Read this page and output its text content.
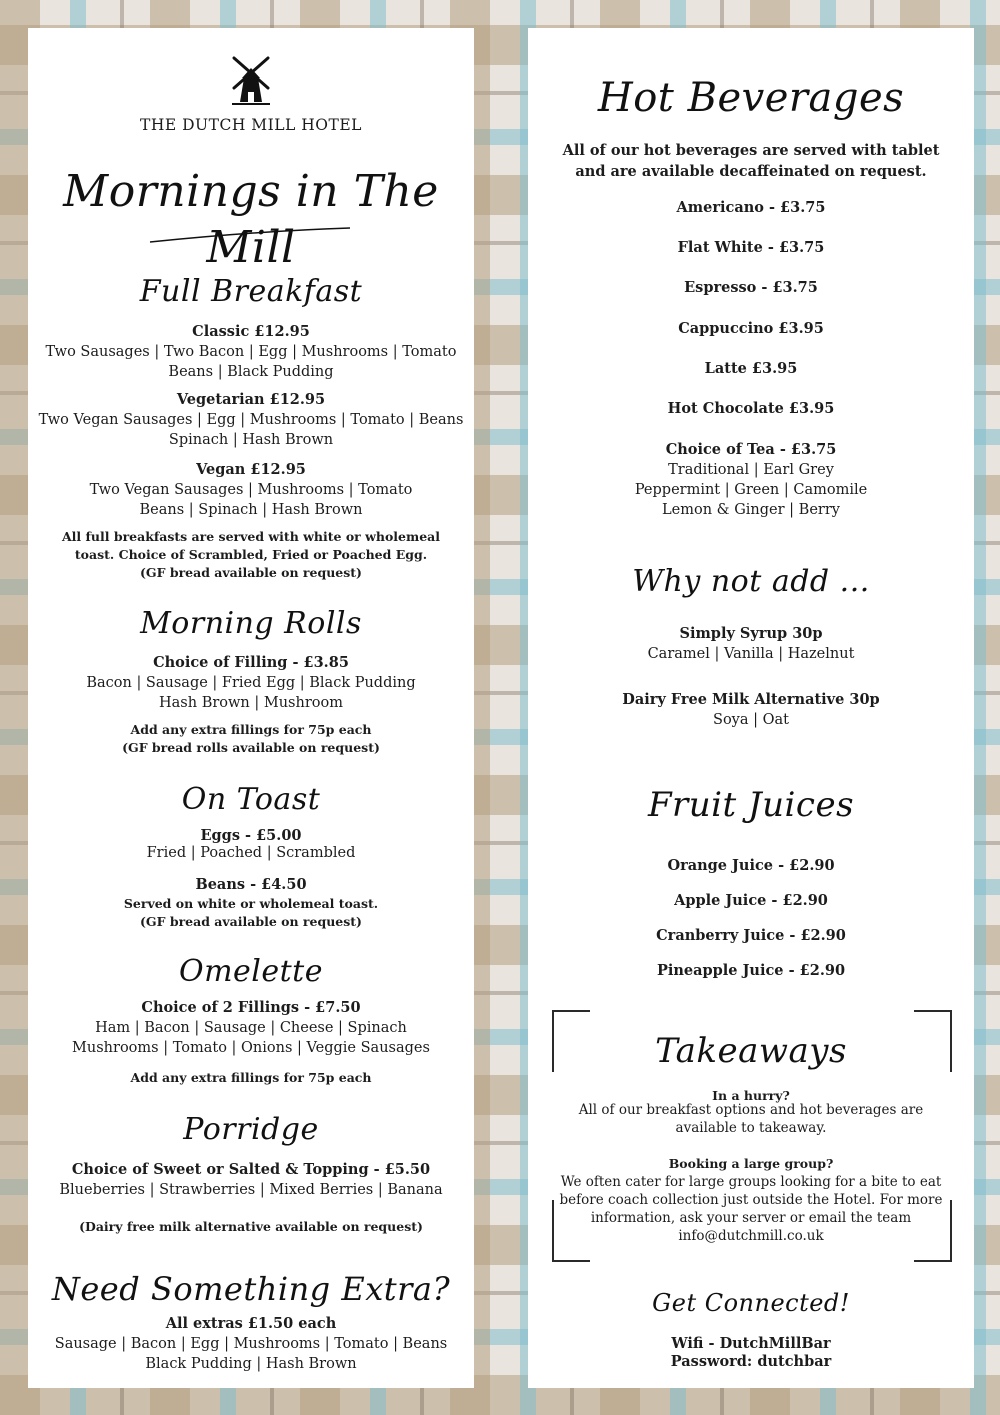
THE DUTCH MILL HOTEL
Mornings in The Mill
Full Breakfast
Classic £12.95
Two Sausages | Two Bacon | Egg | Mushrooms | Tomato
Beans | Black Pudding
Vegetarian £12.95
Two Vegan Sausages | Egg | Mushrooms | Tomato | Beans
Spinach | Hash Brown
Vegan £12.95
Two Vegan Sausages | Mushrooms | Tomato
Beans | Spinach | Hash Brown
All full breakfasts are served with white or wholemeal
toast. Choice of Scrambled, Fried or Poached Egg.
(GF bread available on request)
Morning Rolls
Choice of Filling - £3.85
Bacon | Sausage | Fried Egg | Black Pudding
Hash Brown | Mushroom
Add any extra fillings for 75p each
(GF bread rolls available on request)
On Toast
Eggs - £5.00
Fried | Poached | Scrambled
Beans - £4.50
Served on white or wholemeal toast.
(GF bread available on request)
Omelette
Choice of 2 Fillings - £7.50
Ham | Bacon | Sausage | Cheese | Spinach
Mushrooms | Tomato | Onions | Veggie Sausages
Add any extra fillings for 75p each
Porridge
Choice of Sweet or Salted & Topping - £5.50
Blueberries | Strawberries | Mixed Berries | Banana
(Dairy free milk alternative available on request)
Need Something Extra?
All extras £1.50 each
Sausage | Bacon | Egg | Mushrooms | Tomato | Beans
Black Pudding | Hash Brown
Hot Beverages
All of our hot beverages are served with tablet
and are available decaffeinated on request.
Americano - £3.75
Flat White - £3.75
Espresso - £3.75
Cappuccino £3.95
Latte £3.95
Hot Chocolate £3.95
Choice of Tea - £3.75
Traditional | Earl Grey
Peppermint | Green | Camomile
Lemon & Ginger | Berry
Why not add ...
Simply Syrup 30p
Caramel | Vanilla | Hazelnut
Dairy Free Milk Alternative 30p
Soya | Oat
Fruit Juices
Orange Juice - £2.90
Apple Juice - £2.90
Cranberry Juice - £2.90
Pineapple Juice - £2.90
Takeaways
In a hurry?
All of our breakfast options and hot beverages are
available to takeaway.
Booking a large group?
We often cater for large groups looking for a bite to eat
before coach collection just outside the Hotel. For more
information, ask your server or email the team
info@dutchmill.co.uk
Get Connected!
Wifi - DutchMillBar
Password: dutchbar
